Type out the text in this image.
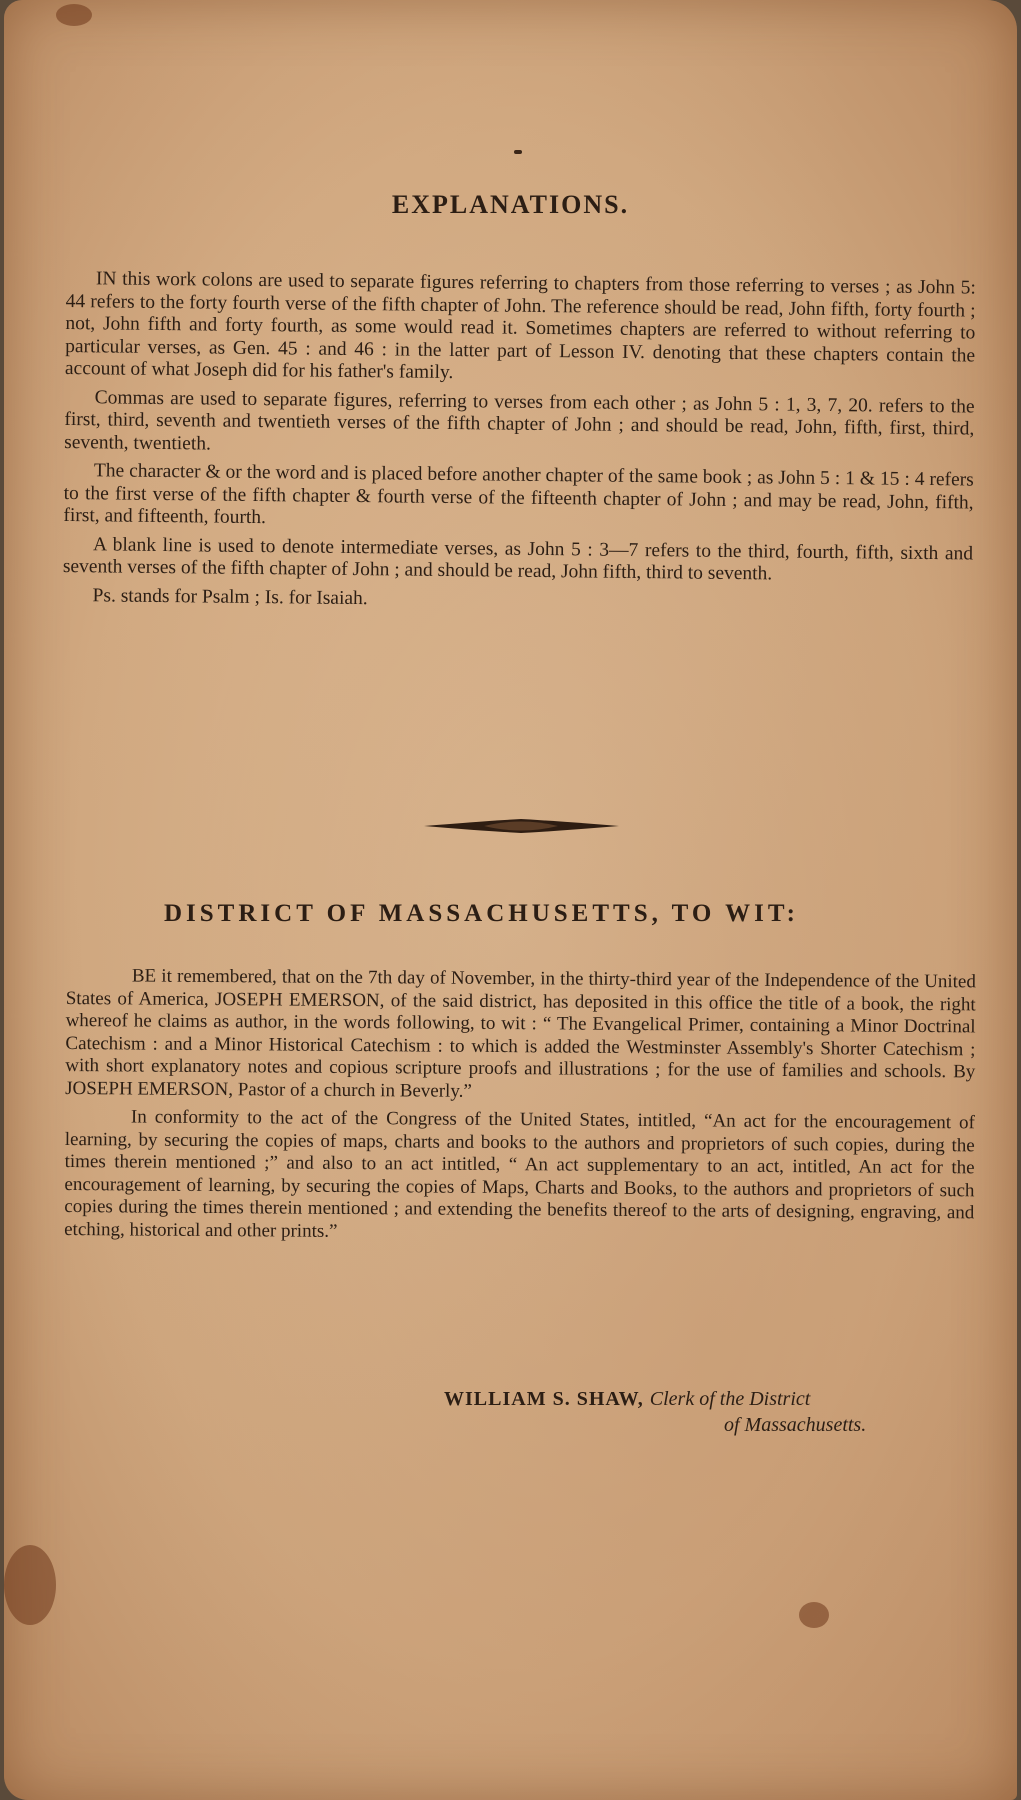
EXPLANATIONS.

IN this work colons are used to separate figures referring to chapters from those referring to verses ; as John 5: 44 refers to the forty fourth verse of the fifth chapter of John. The reference should be read, John fifth, forty fourth ; not, John fifth and forty fourth, as some would read it. Sometimes chapters are referred to without referring to particular verses, as Gen. 45 : and 46 : in the latter part of Lesson IV. denoting that these chapters contain the account of what Joseph did for his father's family.

Commas are used to separate figures, referring to verses from each other ; as John 5 : 1, 3, 7, 20. refers to the first, third, seventh and twentieth verses of the fifth chapter of John ; and should be read, John, fifth, first, third, seventh, twentieth.

The character & or the word and is placed before another chapter of the same book ; as John 5 : 1 & 15 : 4 refers to the first verse of the fifth chapter & fourth verse of the fifteenth chapter of John ; and may be read, John, fifth, first, and fifteenth, fourth.

A blank line is used to denote intermediate verses, as John 5 : 3—7 refers to the third, fourth, fifth, sixth and seventh verses of the fifth chapter of John ; and should be read, John fifth, third to seventh.

Ps. stands for Psalm ; Is. for Isaiah.

DISTRICT OF MASSACHUSETTS, TO WIT:

BE it remembered, that on the 7th day of November, in the thirty-third year of the Independence of the United States of America, JOSEPH EMERSON, of the said district, has deposited in this office the title of a book, the right whereof he claims as author, in the words following, to wit : “ The Evangelical Primer, containing a Minor Doctrinal Catechism : and a Minor Historical Catechism : to which is added the Westminster Assembly's Shorter Catechism ; with short explanatory notes and copious scripture proofs and illustrations ; for the use of families and schools. By JOSEPH EMERSON, Pastor of a church in Beverly.”

In conformity to the act of the Congress of the United States, intitled, “An act for the encouragement of learning, by securing the copies of maps, charts and books to the authors and proprietors of such copies, during the times therein mentioned ;” and also to an act intitled, “ An act supplementary to an act, intitled, An act for the encouragement of learning, by securing the copies of Maps, Charts and Books, to the authors and proprietors of such copies during the times therein mentioned ; and extending the benefits thereof to the arts of designing, engraving, and etching, historical and other prints.”

WILLIAM S. SHAW, Clerk of the District
of Massachusetts.
